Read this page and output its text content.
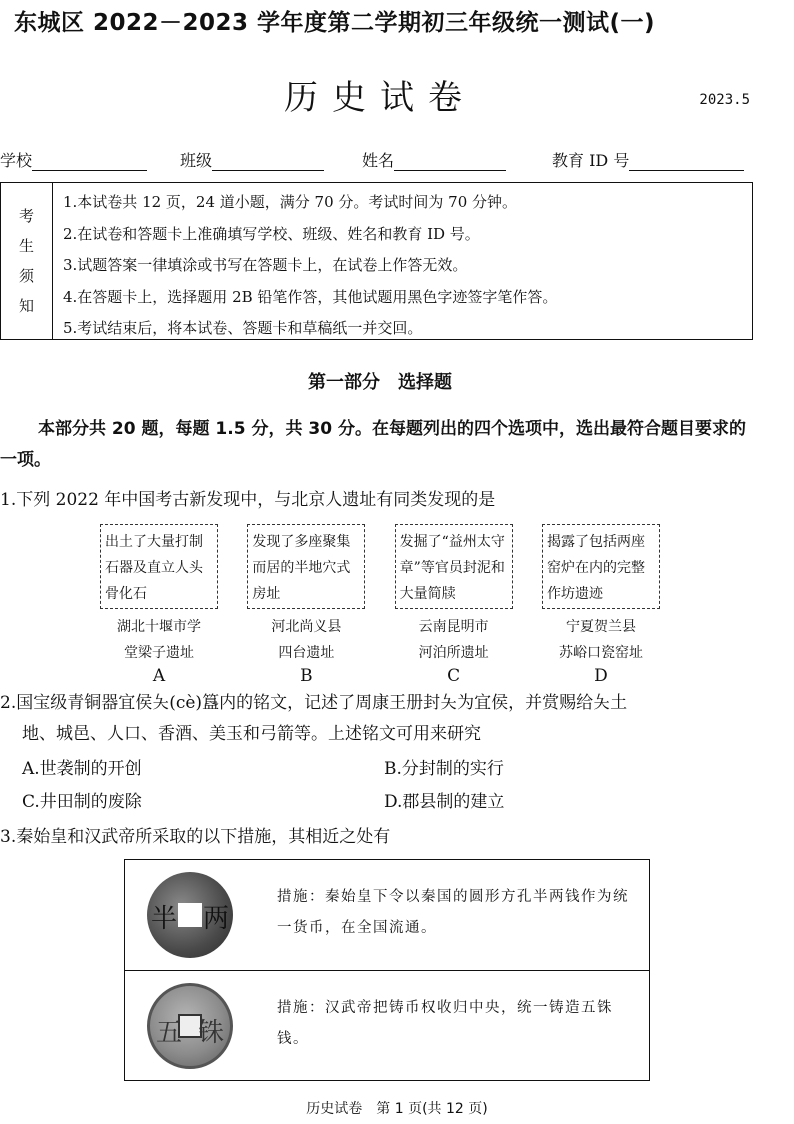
东城区 2022－2023 学年度第二学期初三年级统一测试(一)
历史试卷	2023.5
学校	班级	姓名	教育 ID 号
考
生
须
知
1.本试卷共 12 页，24 道小题，满分 70 分。考试时间为 70 分钟。
2.在试卷和答题卡上准确填写学校、班级、姓名和教育 ID 号。
3.试题答案一律填涂或书写在答题卡上，在试卷上作答无效。
4.在答题卡上，选择题用 2B 铅笔作答，其他试题用黑色字迹签字笔作答。
5.考试结束后，将本试卷、答题卡和草稿纸一并交回。
第一部分　选择题
本部分共 20 题，每题 1.5 分，共 30 分。在每题列出的四个选项中，选出最符合题目要求的一项。
1.下列 2022 年中国考古新发现中，与北京人遗址有同类发现的是
出土了大量打制石器及直立人头骨化石
湖北十堰市学
堂梁子遗址
A
发现了多座聚集而居的半地穴式房址
河北尚义县
四台遗址
B
发掘了“益州太守章”等官员封泥和大量简牍
云南昆明市
河泊所遗址
C
揭露了包括两座窑炉在内的完整作坊遗迹
宁夏贺兰县
苏峪口瓷窑址
D
2.国宝级青铜器宜侯夨(cè)簋内的铭文，记述了周康王册封夨为宜侯，并赏赐给夨土
地、城邑、人口、香酒、美玉和弓箭等。上述铭文可用来研究
A.世袭制的开创	B.分封制的实行
C.井田制的废除	D.郡县制的建立
3.秦始皇和汉武帝所采取的以下措施，其相近之处有
半 两
措施：秦始皇下令以秦国的圆形方孔半两钱作为统一货币，在全国流通。
五 铢
措施：汉武帝把铸币权收归中央，统一铸造五铢钱。
历史试卷　第 1 页(共 12 页)
